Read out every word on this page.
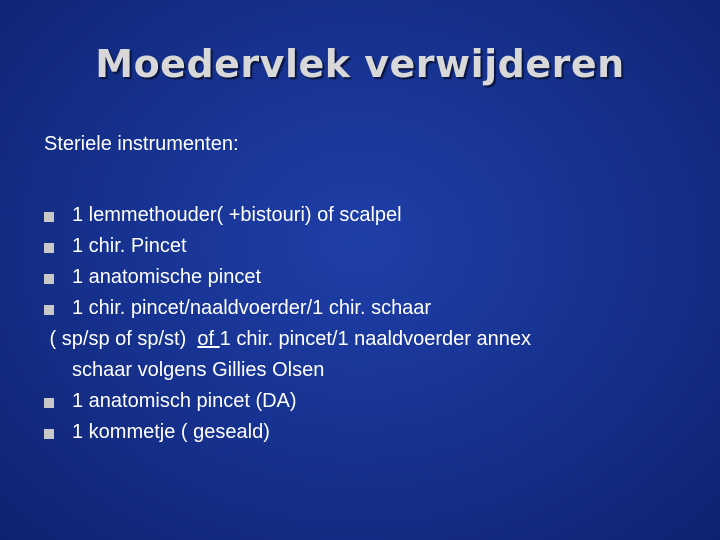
Moedervlek verwijderen
Steriele instrumenten:
1 lemmethouder( +bistouri) of scalpel
1 chir. Pincet
1 anatomische pincet
1 chir. pincet/naaldvoerder/1 chir. schaar
( sp/sp of sp/st)  of 1 chir. pincet/1 naaldvoerder annex
schaar volgens Gillies Olsen
1 anatomisch pincet (DA)
1 kommetje ( geseald)
